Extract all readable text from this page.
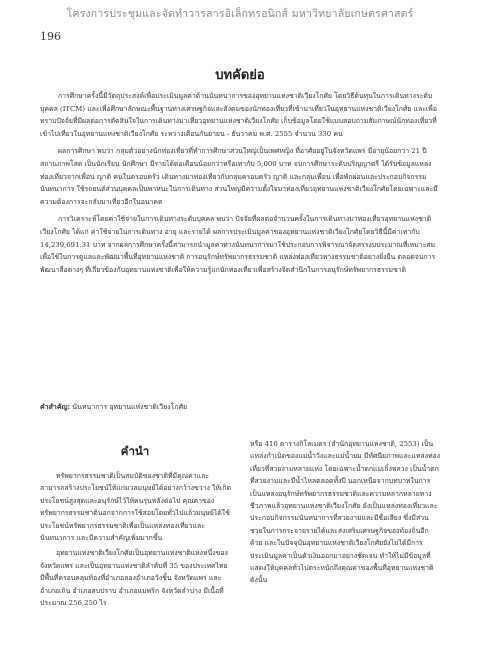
โครงการประชุมและจัดทำวารสารอิเล็กทรอนิกส์ มหาวิทยาลัยเกษตรศาสตร์
196
บทคัดย่อ

การศึกษาครั้งนี้มีวัตถุประสงค์เพื่อประเมินมูลค่าด้านนันทนาการของอุทยานแห่งชาติเวียงโกศัย โดยวิธีต้นทุนในการเดินทางระดับบุคคล (ITCM) และเพื่อศึกษาลักษณะพื้นฐานทางเศรษฐกิจและสังคมของนักท่องเที่ยวที่เข้ามาเที่ยวในอุทยานแห่งชาติเวียงโกศัย และเพื่อทราบปัจจัยที่มีผลต่อการตัดสินใจในการเดินทางมาเที่ยวอุทยานแห่งชาติเวียงโกศัย เก็บข้อมูลโดยใช้แบบสอบถามสัมภาษณ์นักท่องเที่ยวที่เข้าไปเที่ยวในอุทยานแห่งชาติเวียงโกศัย ระหว่างเดือนกันยายน - ธันวาคม พ.ศ. 2555 จำนวน 330 คน

ผลการศึกษา พบว่า กลุ่มตัวอย่างนักท่องเที่ยวที่ทำการศึกษาส่วนใหญ่เป็นเพศหญิง ที่อาศัยอยู่ในจังหวัดแพร่ มีอายุน้อยกว่า 21 ปี สถานภาพโสด เป็นนักเรียน นักศึกษา มีรายได้ต่อเดือนน้อยกว่าหรือเท่ากับ 5,000 บาท จบการศึกษาระดับปริญญาตรี ได้รับข้อมูลแหล่งท่องเที่ยวจากเพื่อน ญาติ คนในครอบครัว เดินทางมาท่องเที่ยวกับกลุ่มครอบครัว ญาติ และกลุ่มเพื่อน เพื่อพักผ่อนและประกอบกิจกรรมนันทนาการ ใช้รถยนต์ส่วนบุคคลเป็นพาหนะในการเดินทาง ส่วนใหญ่มีความตั้งใจมาท่องเที่ยวอุทยานแห่งชาติเวียงโกศัยโดยเฉพาะและมีความต้องการจะกลับมาเที่ยวอีกในอนาคต

การวิเคราะห์โดยค่าใช้จ่ายในการเดินทางระดับบุคคล พบว่า ปัจจัยที่ผลต่อจำนวนครั้งในการเดินทางมาท่องเที่ยวอุทยานแห่งชาติเวียงโกศัย ได้แก่ ค่าใช้จ่ายในการเดินทาง อายุ และรายได้ ผลการประเมินมูลค่าของอุทยานแห่งชาติเวียงโกศัยโดยวิธีนี้มีค่าเท่ากับ 14,239,691.31 บาท จากผลการศึกษาครั้งนี้สามารถนำมูลค่าทางนันทนาการมาใช้ประกอบการพิจารณาจัดสรรงบประมาณที่เหมาะสม เพื่อใช้ในการดูแลและพัฒนาพื้นที่อุทยานแห่งชาติ การอนุรักษ์ทรัพยากรธรรมชาติ แหล่งท่องเที่ยวทางธรรมชาติอย่างยั่งยืน ตลอดจนการพัฒนาสื่อต่างๆ ที่เกี่ยวข้องกับอุทยานแห่งชาติเพื่อให้ความรู้แก่นักท่องเที่ยวเพื่อสร้างจิตสำนึกในการอนุรักษ์ทรัพยากรธรรมชาติ

คำสำคัญ: นันทนาการ อุทยานแห่งชาติเวียงโกศัย
คำนำ

ทรัพยากรธรรมชาติเป็นสมบัติของชาติที่มีคุณค่าและสามารถสร้างประโยชน์ให้แก่มวลมนุษย์ได้อย่างกว้างขวาง ให้เกิดประโยชน์สูงสุดและอนุรักษ์ไว้ให้คนรุ่นหลังต่อไป คุณค่าของทรัพยากรธรรมชาตินอกจากการใช้สอยโดยทั่วไปแล้วมนุษย์ได้ใช้ประโยชน์ทรัพยากรธรรมชาติเพื่อเป็นแหล่งท่องเที่ยวและนันทนาการ และมีความสำคัญเพิ่มมากขึ้น

อุทยานแห่งชาติเวียงโกศัยเป็นอุทยานแห่งชาติแห่งหนึ่งของจังหวัดแพร่ และเป็นอุทยานแห่งชาติลำดับที่ 35 ของประเทศไทย มีพื้นที่ครอบคลุมท้องที่อำเภอลองอำเภอวังชิ้น จังหวัดแพร่ และอำเภอเถิน อำเภอสบปราบ อำเภอแม่พริก จังหวัดลำปาง มีเนื้อที่ประมาณ 256,250 ไร่

หรือ 410 ตารางกิโลเมตร (สำนักอุทยานแห่งชาติ, 2553) เป็นแหล่งกำเนิดของแม่น้ำวังและแม่น้ำยม มีทัศนียภาพและแหล่งท่องเที่ยวที่สวยงามหลายแห่ง โดยเฉพาะน้ำตกแม่เกิ๋งหลวง เป็นน้ำตกที่สวยงามและมีน้ำไหลตลอดทั้งปี นอกเหนือจากบทบาทในการเป็นแหล่งอนุรักษ์ทรัพยากรธรรมชาติและความหลากหลายทางชีวภาพแล้วอุทยานแห่งชาติเวียงโกศัย ยังเป็นแหล่งท่องเที่ยวและประกอบกิจกรรมนันทนาการที่สวยงามและมีชื่อเสียง ซึ่งมีส่วนช่วยในการกระจายรายได้และส่งเสริมเศรษฐกิจของท้องถิ่นอีกด้วย และในปัจจุบันอุทยานแห่งชาติเวียงโกศัยยังไม่ได้มีการประเมินมูลค่าเป็นตัวเงินออกมาอย่างชัดเจน ทำให้ไม่มีข้อมูลที่แสดงให้บุคคลทั่วไปตระหนักถึงคุณค่าของพื้นที่อุทยานแห่งชาติดังนั้น
